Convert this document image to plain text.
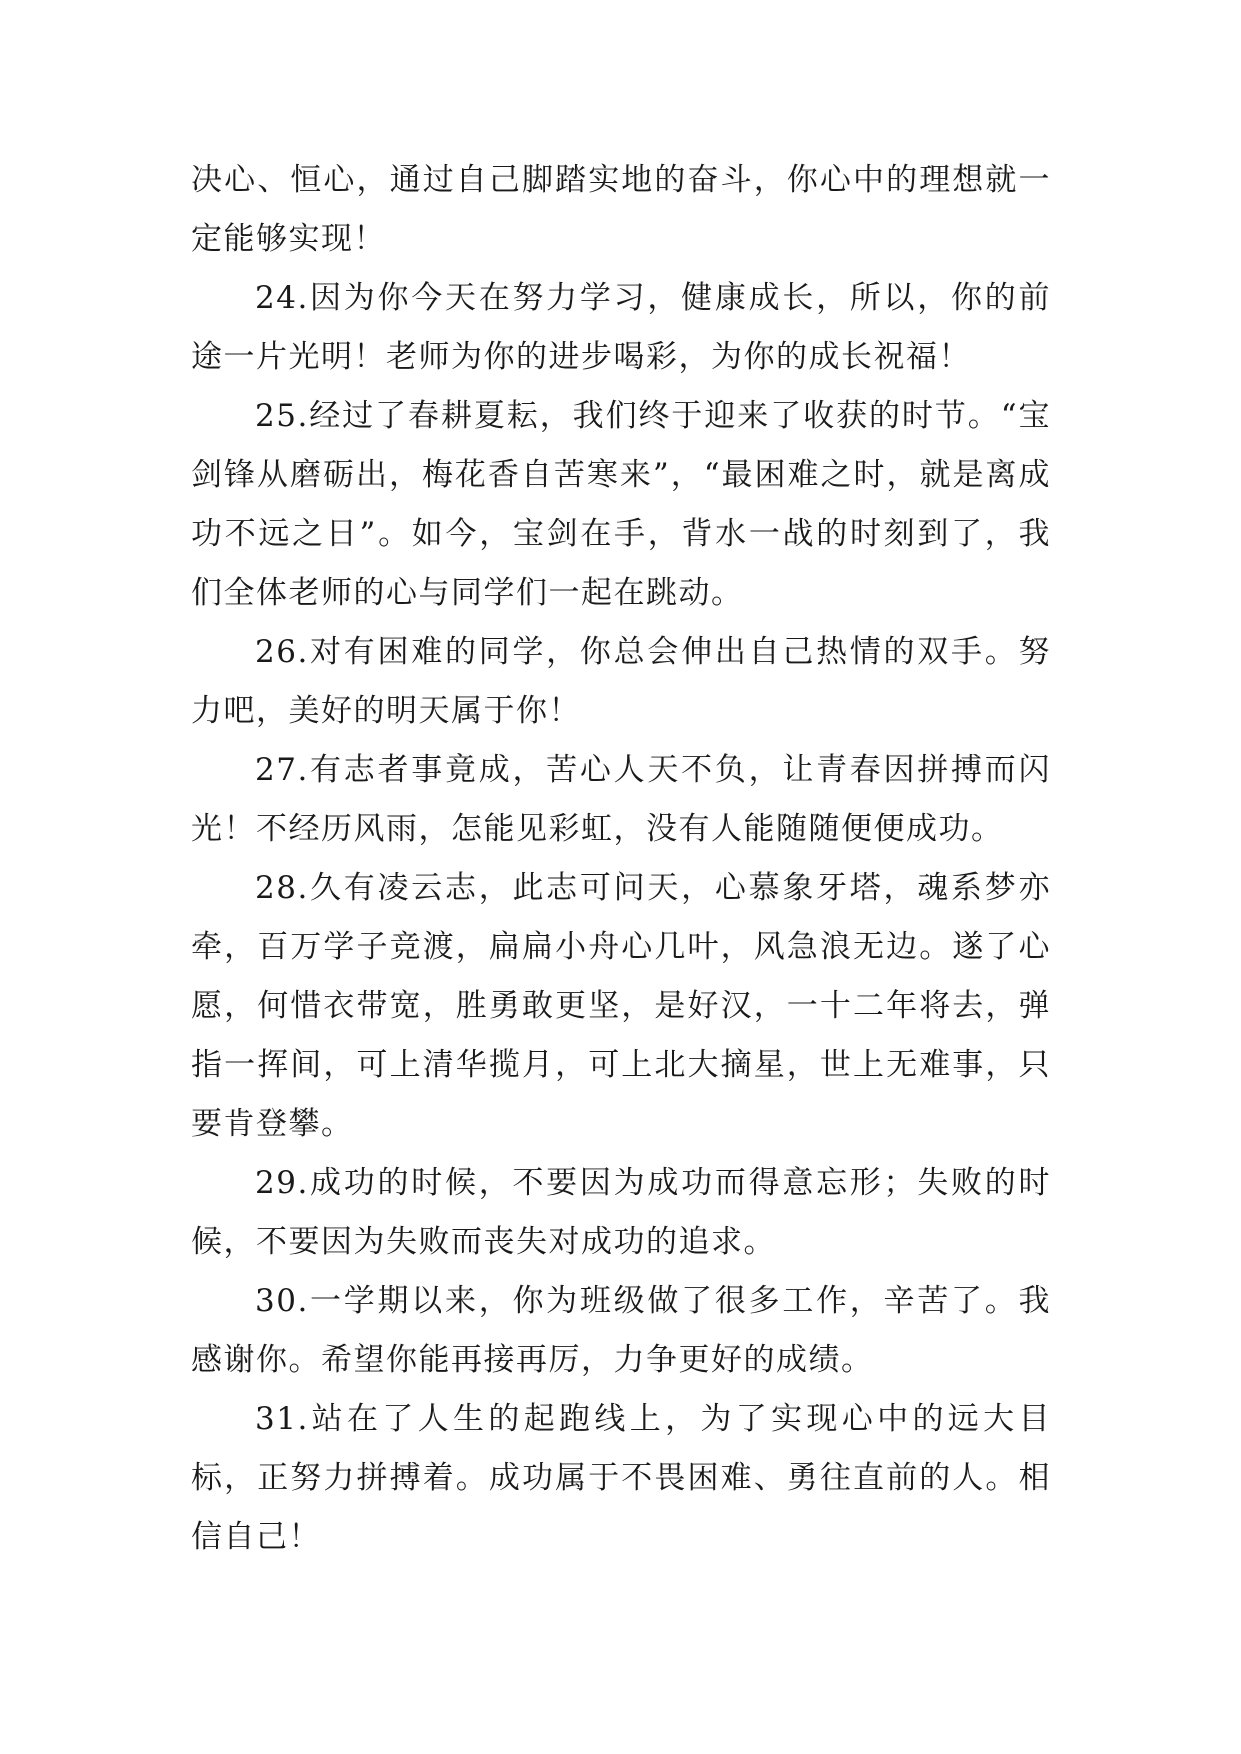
决心、恒心，通过自己脚踏实地的奋斗，你心中的理想就一定能够实现！

24.因为你今天在努力学习，健康成长，所以，你的前途一片光明！老师为你的进步喝彩，为你的成长祝福！

25.经过了春耕夏耘，我们终于迎来了收获的时节。“宝剑锋从磨砺出，梅花香自苦寒来”，“最困难之时，就是离成功不远之日”。如今，宝剑在手，背水一战的时刻到了，我们全体老师的心与同学们一起在跳动。

26.对有困难的同学，你总会伸出自己热情的双手。努力吧，美好的明天属于你！

27.有志者事竟成，苦心人天不负，让青春因拼搏而闪光！不经历风雨，怎能见彩虹，没有人能随随便便成功。

28.久有凌云志，此志可问天，心慕象牙塔，魂系梦亦牵，百万学子竞渡，扁扁小舟心几叶，风急浪无边。遂了心愿，何惜衣带宽，胜勇敢更坚，是好汉，一十二年将去，弹指一挥间，可上清华揽月，可上北大摘星，世上无难事，只要肯登攀。

29.成功的时候，不要因为成功而得意忘形；失败的时候，不要因为失败而丧失对成功的追求。

30.一学期以来，你为班级做了很多工作，辛苦了。我感谢你。希望你能再接再厉，力争更好的成绩。

31.站在了人生的起跑线上，为了实现心中的远大目标，正努力拼搏着。成功属于不畏困难、勇往直前的人。相信自己！
